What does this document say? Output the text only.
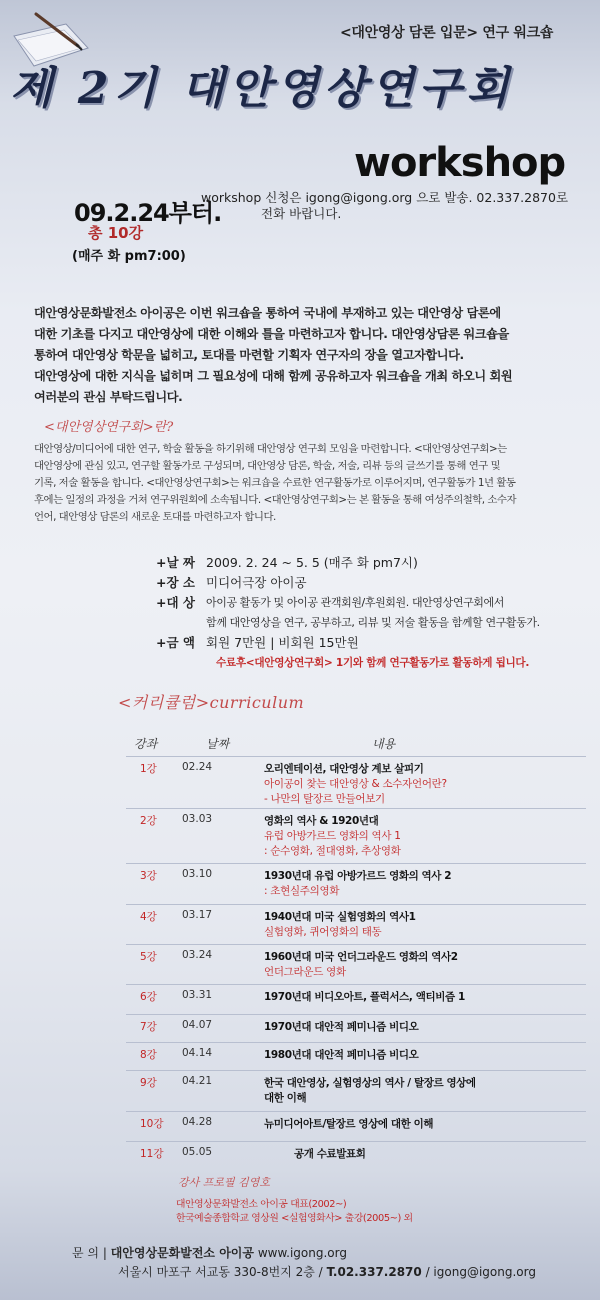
<대안영상 담론 입문> 연구 워크숍
제 2기 대안영상연구회
workshop
09.2.24부터.
총 10강
(매주 화 pm7:00)
workshop 신청은 igong@igong.org 으로 발송. 02.337.2870로
전화 바랍니다.
대안영상문화발전소 아이공은 이번 워크숍을 통하여 국내에 부재하고 있는 대안영상 담론에
대한 기초를 다지고 대안영상에 대한 이해와 틀을 마련하고자 합니다. 대안영상담론 워크숍을
통하여 대안영상 학문을 넓히고, 토대를 마련할 기획자 연구자의 장을 열고자합니다.
대안영상에 대한 지식을 넓히며 그 필요성에 대해 함께 공유하고자 워크숍을 개최 하오니 회원
여러분의 관심 부탁드립니다.
<대안영상연구회>란?
대안영상/미디어에 대한 연구, 학술 활동을 하기위해 대안영상 연구회 모임을 마련합니다. <대안영상연구회>는
대안영상에 관심 있고, 연구할 활동가로 구성되며, 대안영상 담론, 학술, 저술, 리뷰 등의 글쓰기를 통해 연구 및
기록, 저술 활동을 합니다. <대안영상연구회>는 워크숍을 수료한 연구활동가로 이루어지며, 연구활동가 1년 활동
후에는 일정의 과정을 거쳐 연구위원회에 소속됩니다. <대안영상연구회>는 본 활동을 통해 여성주의철학, 소수자
언어, 대안영상 담론의 새로운 토대를 마련하고자 합니다.
+날 짜 2009. 2. 24 ~ 5. 5 (매주 화 pm7시)
+장 소 미디어극장 아이공
+대 상	아이공 활동가 및 아이공 관객회원/후원회원. 대안영상연구회에서
함께 대안영상을 연구, 공부하고, 리뷰 및 저술 활동을 함께할 연구활동가.
+금 액 회원 7만원 | 비회원 15만원
수료후<대안영상연구회> 1기와 함께 연구활동가로 활동하게 됩니다.
<커리큘럼>curriculum
강좌	날짜	내용
1강	02.24	오리엔테이션, 대안영상 계보 살피기
아이공이 찾는 대안영상 & 소수자언어란?
- 나만의 탈장르 만들어보기
2강	03.03	영화의 역사 & 1920년대
유럽 아방가르드 영화의 역사 1
: 순수영화, 절대영화, 추상영화
3강	03.10	1930년대 유럽 아방가르드 영화의 역사 2
: 초현실주의영화
4강	03.17	1940년대 미국 실험영화의 역사1
실험영화, 퀴어영화의 태동
5강	03.24	1960년대 미국 언더그라운드 영화의 역사2
언더그라운드 영화
6강	03.31	1970년대 비디오아트, 플럭서스, 액티비즘 1
7강	04.07	1970년대 대안적 페미니즘 비디오
8강	04.14	1980년대 대안적 페미니즘 비디오
9강	04.21	한국 대안영상, 실험영상의 역사 / 탈장르 영상에
대한 이해
10강	04.28	뉴미디어아트/탈장르 영상에 대한 이해
11강	05.05	공개 수료발표회
강사 프로필 김영호
대안영상문화발전소 아이공 대표(2002~)
한국예술종합학교 영상원 <실험영화사> 출강(2005~) 외
문 의 | 대안영상문화발전소 아이공 www.igong.org
서울시 마포구 서교동 330-8번지 2층 / T.02.337.2870 / igong@igong.org
